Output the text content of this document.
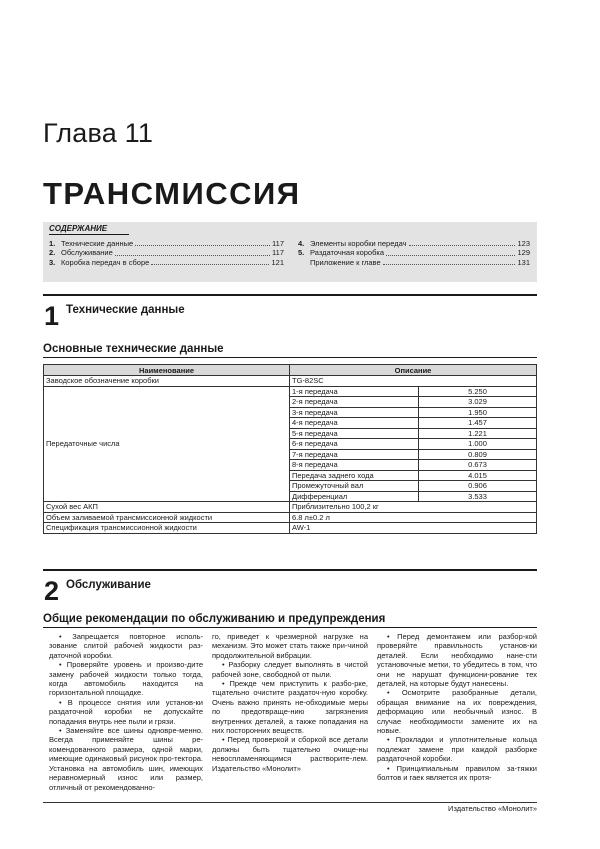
Глава 11
ТРАНСМИССИЯ
СОДЕРЖАНИЕ
1. Технические данные	117
2. Обслуживание	117
3. Коробка передач в сборе	121
4. Элементы коробки передач	123
5. Раздаточная коробка	129
Приложение к главе	131
1 Технические данные
Основные технические данные
Наименование	Описание	
Заводское обозначение коробки	TG-82SC	
Передаточные числа	1-я передача	5.250
	2-я передача	3.029
	3-я передача	1.950
	4-я передача	1.457
	5-я передача	1.221
	6-я передача	1.000
	7-я передача	0.809
	8-я передача	0.673
	Передача заднего хода	4.015
	Промежуточный вал	0.906
	Дифференциал	3.533
Сухой вес АКП	Приблизительно 100,2 кг	
Объем заливаемой трансмиссионной жидкости	6.8 л±0.2 л	
Спецификация трансмиссионной жидкости	AW-1	
2 Обслуживание
Общие рекомендации по обслуживанию и предупреждения

• Запрещается повторное исполь-зование слитой рабочей жидкости раз-даточной коробки.

• Проверяйте уровень и произво-дите замену рабочей жидкости только тогда, когда автомобиль находится на горизонтальной площадке.

• В процессе снятия или установ-ки раздаточной коробки не допускайте попадания внутрь нее пыли и грязи.

• Заменяйте все шины одновре-менно. Всегда применяйте шины ре-комендованного размера, одной марки, имеющие одинаковый рисунок про-тектора. Установка на автомобиль шин, имеющих неравномерный износ или размер, отличный от рекомендованно-

го, приведет к чрезмерной нагрузке на механизм. Это может стать также при-чиной продолжительной вибрации.

• Разборку следует выполнять в чистой рабочей зоне, свободной от пыли.

• Прежде чем приступить к разбо-рке, тщательно очистите раздаточ-ную коробку. Очень важно принять не-обходимые меры по предотвраще-нию загрязнения внутренних деталей, а также попадания на них посторонних веществ.

• Перед проверкой и сборкой все детали должны быть тщательно очище-ны невоспламеняющимся растворите-лем. Издательство «Монолит»

• Перед демонтажем или разбор-кой проверяйте правильность установ-ки деталей. Если необходимо нане-сти установочные метки, то убедитесь в том, что они не нарушат функциони-рование тех деталей, на которые будут нанесены.

• Осмотрите разобранные детали, обращая внимание на их повреждения, деформацию или необычный износ. В случае необходимости замените их на новые.

• Прокладки и уплотнительные кольца подлежат замене при каждой разборке раздаточной коробки.

• Принципиальным правилом за-тяжки болтов и гаек является их протя-

Издательство «Монолит»
